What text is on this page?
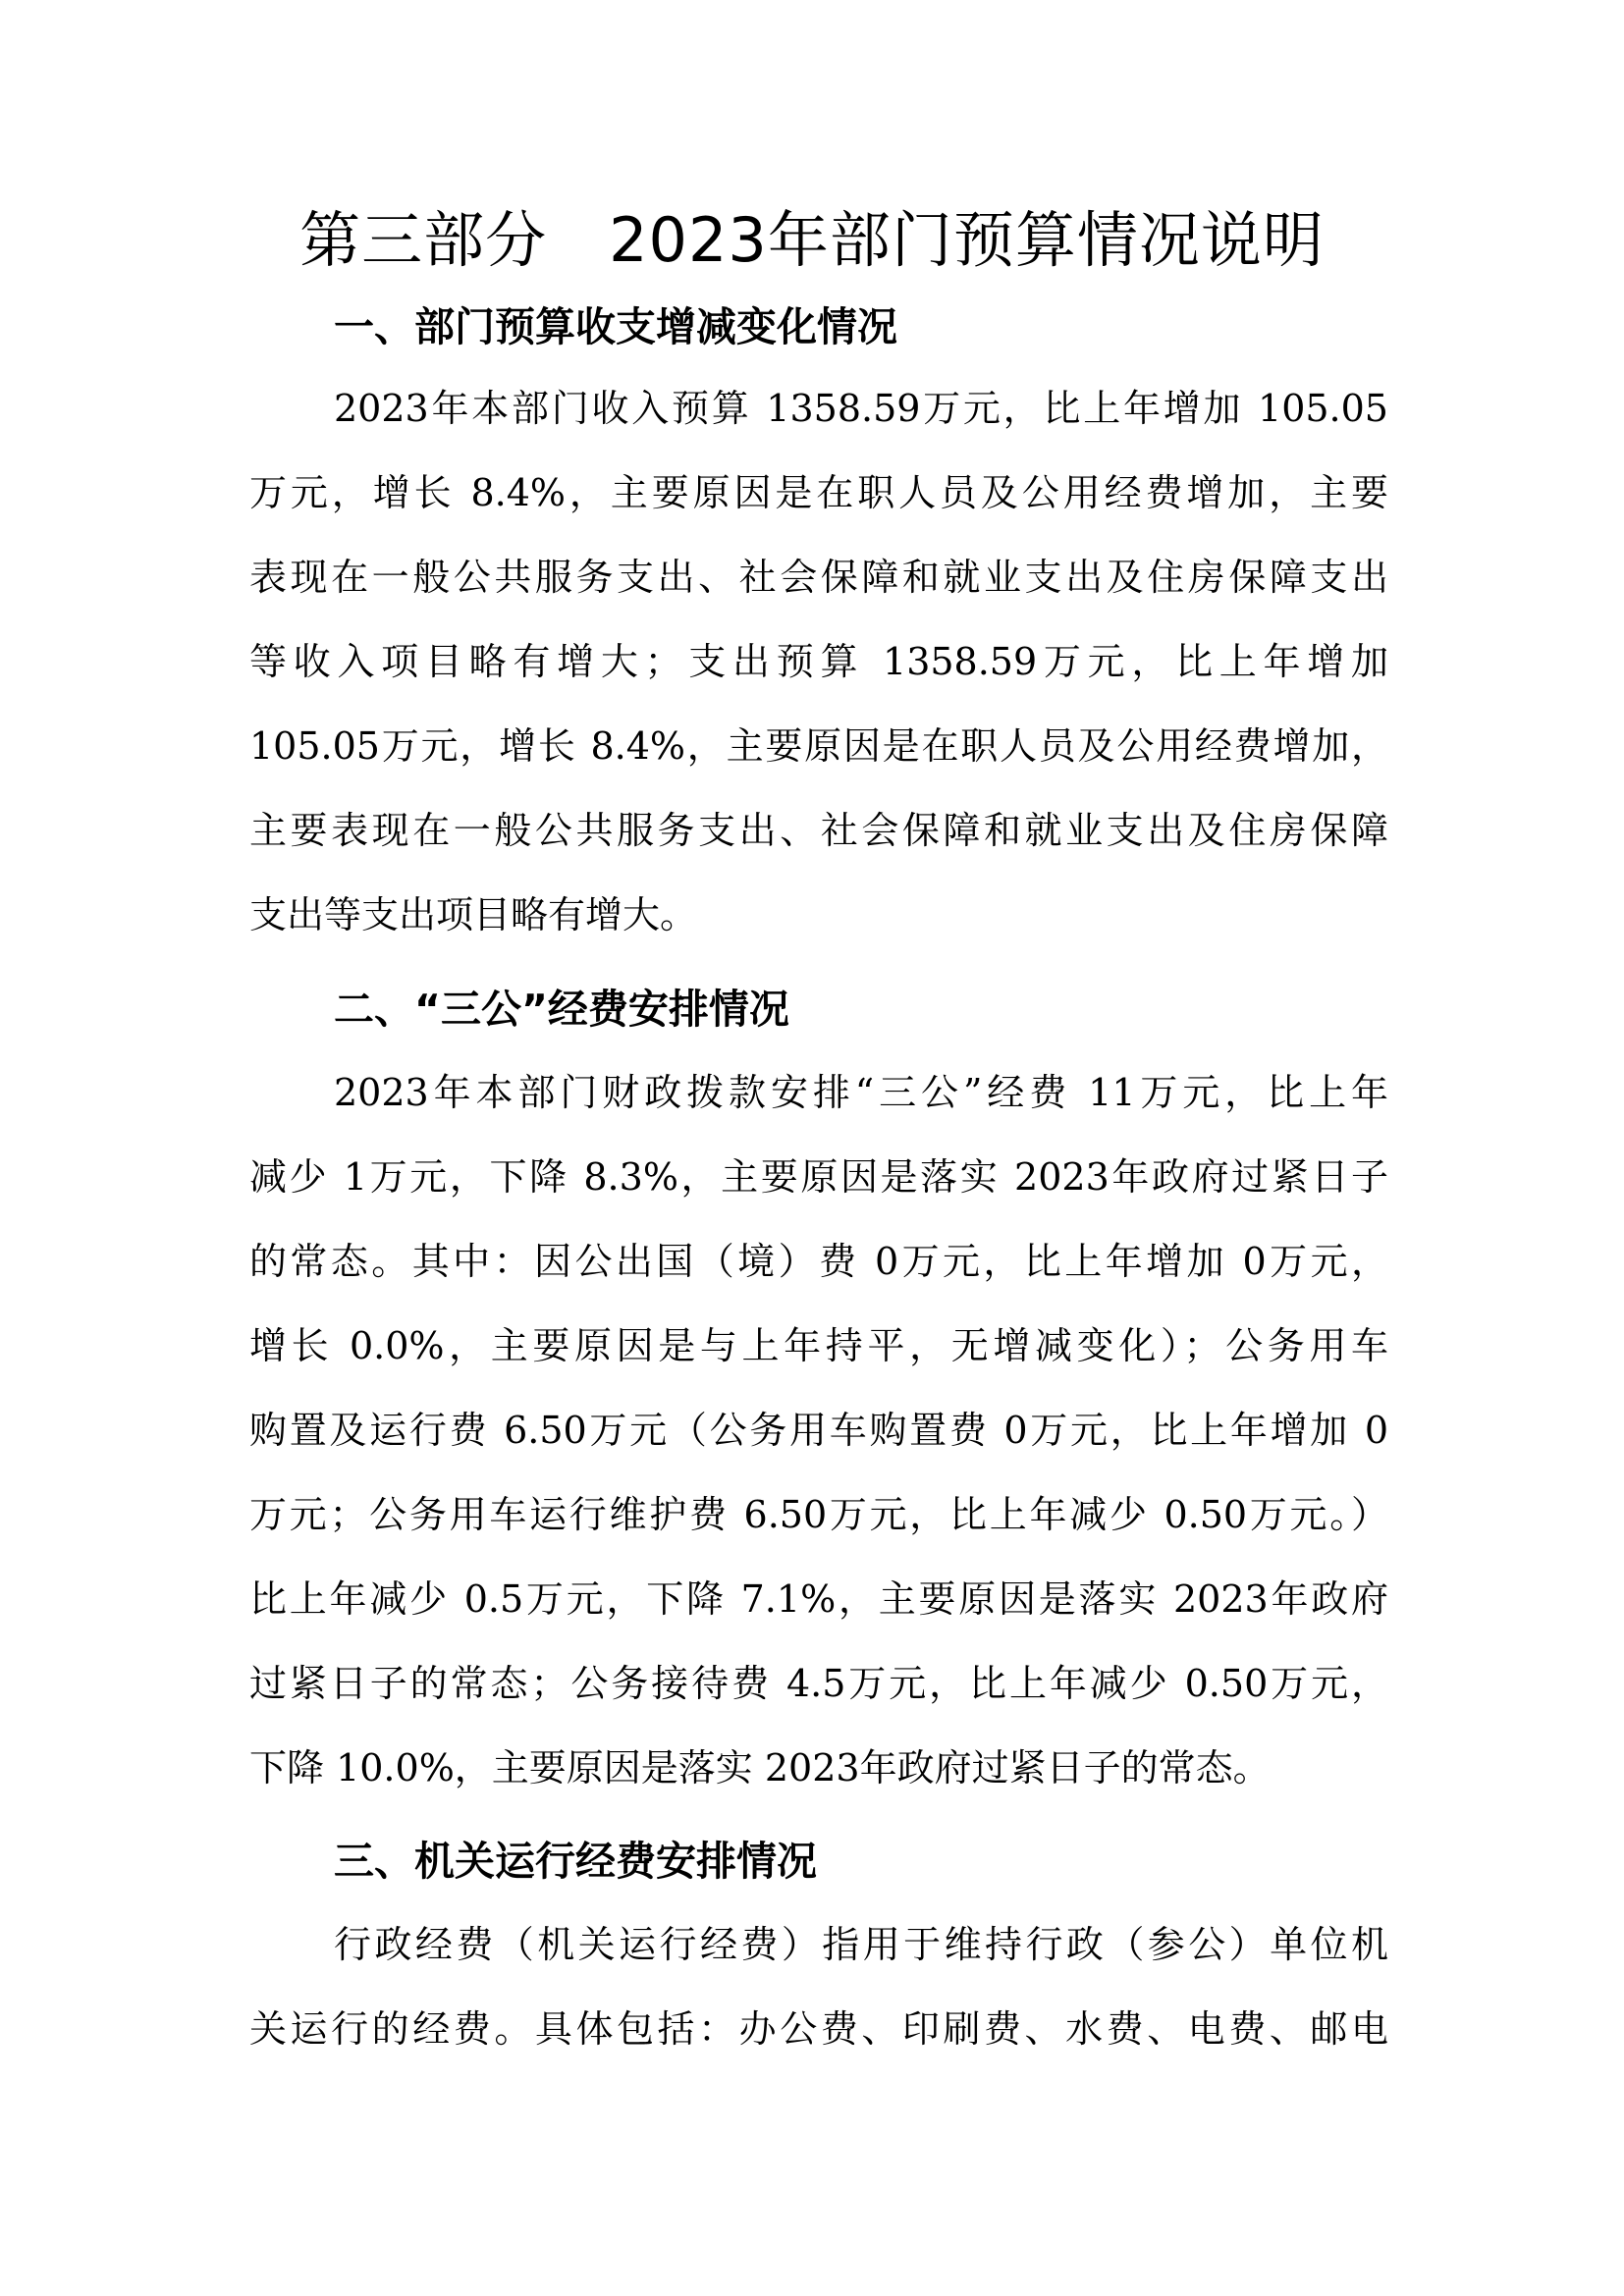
第三部分　2023年部门预算情况说明
一、部门预算收支增减变化情况
2023年本部门收入预算 1358.59万元，比上年增加 105.05
万元，增长 8.4%，主要原因是在职人员及公用经费增加，主要
表现在一般公共服务支出、社会保障和就业支出及住房保障支出
等收入项目略有增大；支出预算 1358.59万元，比上年增加
105.05万元，增长 8.4%，主要原因是在职人员及公用经费增加，
主要表现在一般公共服务支出、社会保障和就业支出及住房保障
支出等支出项目略有增大。
二、“三公”经费安排情况
2023年本部门财政拨款安排“三公”经费 11万元，比上年
减少 1万元，下降 8.3%，主要原因是落实 2023年政府过紧日子
的常态。其中：因公出国（境）费 0万元，比上年增加 0万元，
增长 0.0%，主要原因是与上年持平，无增减变化）；公务用车
购置及运行费 6.50万元（公务用车购置费 0万元，比上年增加 0
万元；公务用车运行维护费 6.50万元，比上年减少 0.50万元。）
比上年减少 0.5万元，下降 7.1%，主要原因是落实 2023年政府
过紧日子的常态；公务接待费 4.5万元，比上年减少 0.50万元，
下降 10.0%，主要原因是落实 2023年政府过紧日子的常态。
三、机关运行经费安排情况
行政经费（机关运行经费）指用于维持行政（参公）单位机
关运行的经费。具体包括：办公费、印刷费、水费、电费、邮电
